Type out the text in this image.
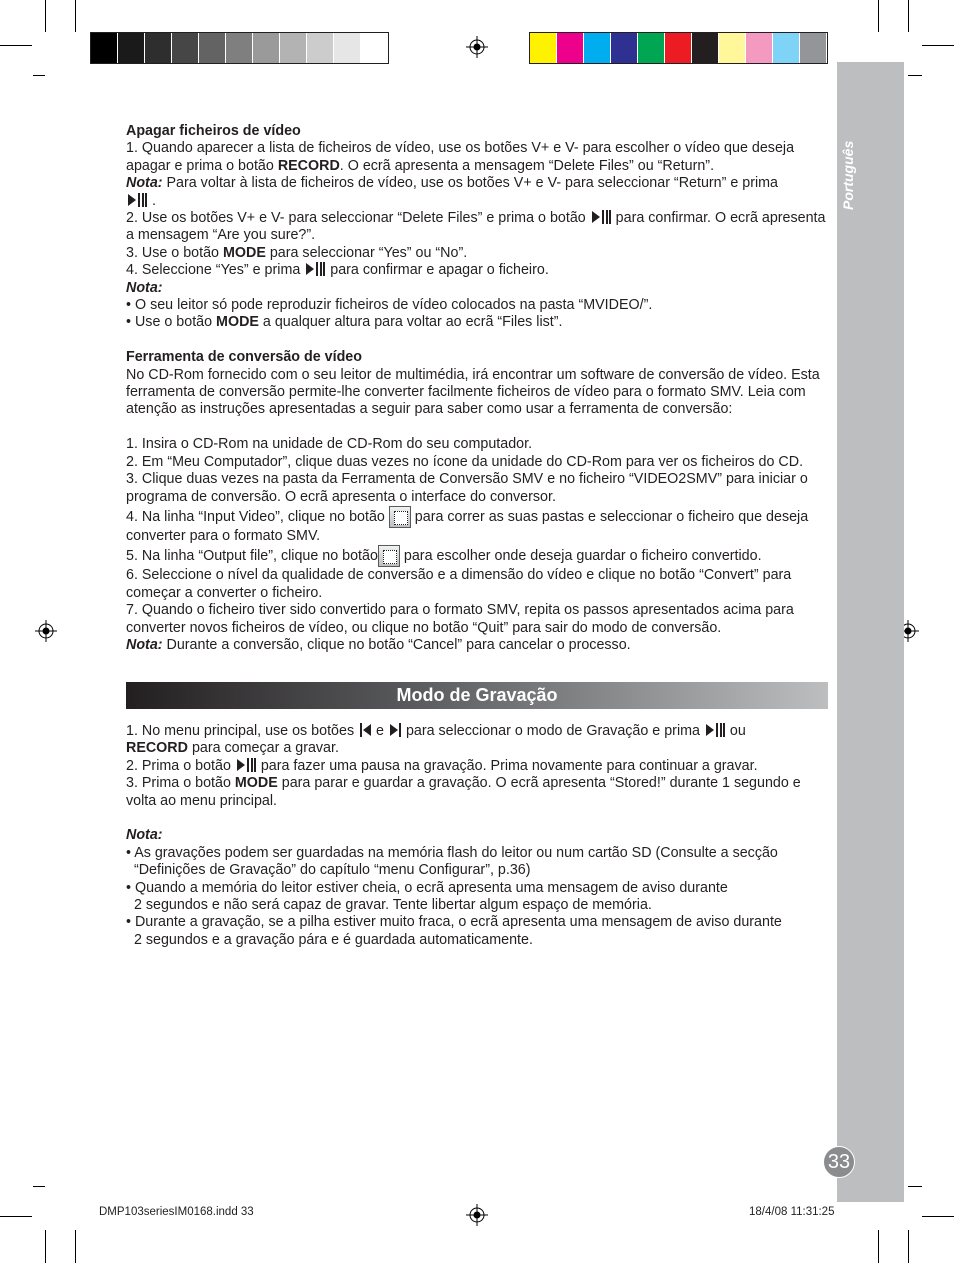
Português
33

Apagar ficheiros de vídeo

1. Quando aparecer a lista de ficheiros de vídeo, use os botões V+ e V- para escolher o vídeo que deseja apagar e prima o botão RECORD. O ecrã apresenta a mensagem “Delete Files” ou “Return”.

Nota: Para voltar à lista de ficheiros de vídeo, use os botões V+ e V- para seleccionar “Return” e prima
.

2. Use os botões V+ e V- para seleccionar “Delete Files” e prima o botão  para confirmar. O ecrã apresenta a mensagem “Are you sure?”.

3. Use o botão MODE para seleccionar “Yes” ou “No”.

4. Seleccione “Yes” e prima  para confirmar e apagar o ficheiro.

Nota:

• O seu leitor só pode reproduzir ficheiros de vídeo colocados na pasta “MVIDEO/”.

• Use o botão MODE a qualquer altura para voltar ao ecrã “Files list”.

Ferramenta de conversão de vídeo

No CD-Rom fornecido com o seu leitor de multimédia, irá encontrar um software de conversão de vídeo. Esta ferramenta de conversão permite-lhe converter facilmente ficheiros de vídeo para o formato SMV. Leia com atenção as instruções apresentadas a seguir para saber como usar a ferramenta de conversão:

1. Insira o CD-Rom na unidade de CD-Rom do seu computador.

2. Em “Meu Computador”, clique duas vezes no ícone da unidade do CD-Rom para ver os ficheiros do CD.

3. Clique duas vezes na pasta da Ferramenta de Conversão SMV e no ficheiro “VIDEO2SMV” para iniciar o programa de conversão. O ecrã apresenta o interface do conversor.

4. Na linha “Input Video”, clique no botão  para correr as suas pastas e seleccionar o ficheiro que deseja converter para o formato SMV.

5. Na linha “Output file”, clique no botão para escolher onde deseja guardar o ficheiro convertido.

6. Seleccione o nível da qualidade de conversão e a dimensão do vídeo e clique no botão “Convert” para começar a converter o ficheiro.

7. Quando o ficheiro tiver sido convertido para o formato SMV, repita os passos apresentados acima para converter novos ficheiros de vídeo, ou clique no botão “Quit” para sair do modo de conversão.

Nota: Durante a conversão, clique no botão “Cancel” para cancelar o processo.

Modo de Gravação

1. No menu principal, use os botões  e  para seleccionar o modo de Gravação e prima  ou
RECORD para começar a gravar.

2. Prima o botão  para fazer uma pausa na gravação. Prima novamente para continuar a gravar.

3. Prima o botão MODE para parar e guardar a gravação. O ecrã apresenta “Stored!” durante 1 segundo e volta ao menu principal.

Nota:

• As gravações podem ser guardadas na memória flash do leitor ou num cartão SD (Consulte a secção
“Definições de Gravação” do capítulo “menu Configurar”, p.36)

• Quando a memória do leitor estiver cheia, o ecrã apresenta uma mensagem de aviso durante
2 segundos e não será capaz de gravar. Tente libertar algum espaço de memória.

• Durante a gravação, se a pilha estiver muito fraca, o ecrã apresenta uma mensagem de aviso durante
2 segundos e a gravação pára e é guardada automaticamente.

DMP103seriesIM0168.indd 33	18/4/08 11:31:25
